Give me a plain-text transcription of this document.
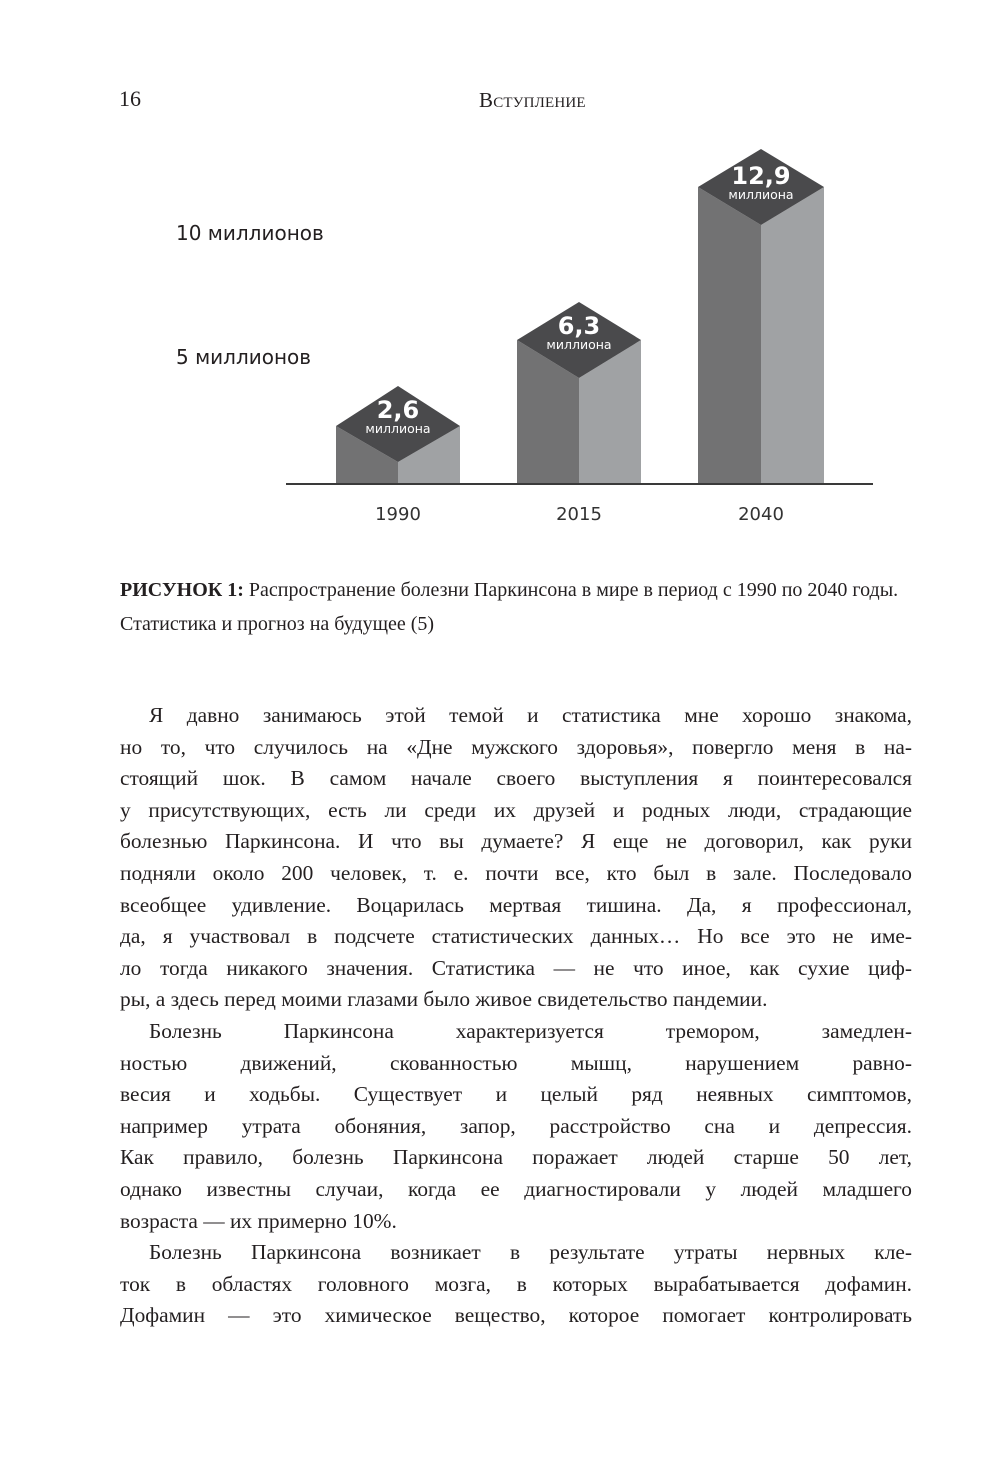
16	Вступление
10 миллионов
5 миллионов
2,6
миллиона
6,3
миллиона
12,9
миллиона
1990	2015	2040
РИСУНОК 1: Распространение болезни Паркинсона в мире в период с 1990 по 2040 годы. Статистика и прогноз на будущее (5)

Я давно занимаюсь этой темой и статистика мне хорошо знакома,
но то, что случилось на «Дне мужского здоровья», повергло меня в на-
стоящий шок. В самом начале своего выступления я поинтересовался
у присутствующих, есть ли среди их друзей и родных люди, страдающие
болезнью Паркинсона. И что вы думаете? Я еще не договорил, как руки
подняли около 200 человек, т. е. почти все, кто был в зале. Последовало
всеобщее удивление. Воцарилась мертвая тишина. Да, я профессионал,
да, я участвовал в подсчете статистических данных… Но все это не име-
ло тогда никакого значения. Статистика — не что иное, как сухие циф-
ры, а здесь перед моими глазами было живое свидетельство пандемии.

Болезнь Паркинсона характеризуется тремором, замедлен-
ностью движений, скованностью мышц, нарушением равно-
весия и ходьбы. Существует и целый ряд неявных симптомов,
например утрата обоняния, запор, расстройство сна и депрессия.
Как правило, болезнь Паркинсона поражает людей старше 50 лет,
однако известны случаи, когда ее диагностировали у людей младшего
возраста — их примерно 10%.

Болезнь Паркинсона возникает в результате утраты нервных кле-
ток в областях головного мозга, в которых вырабатывается дофамин.
Дофамин — это химическое вещество, которое помогает контролировать
